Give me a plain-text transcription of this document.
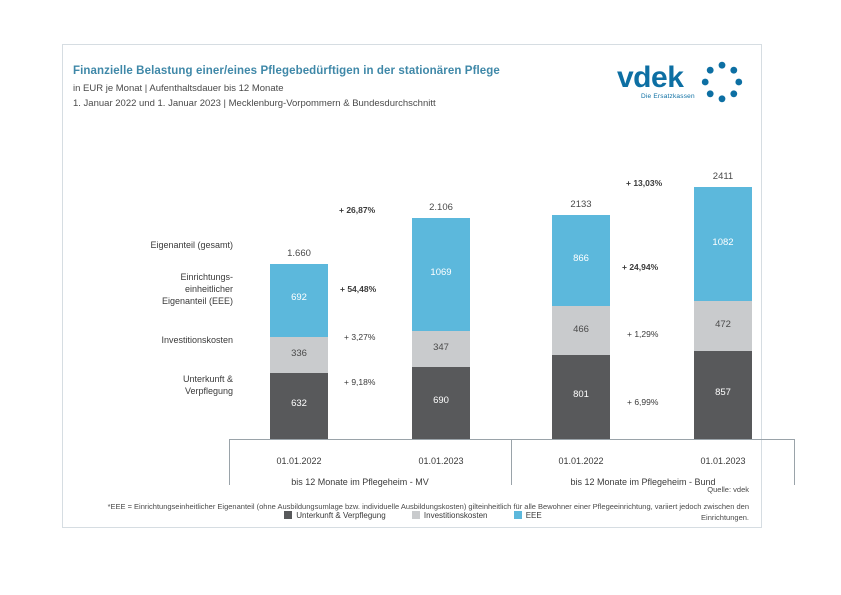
Finanzielle Belastung einer/eines Pflegebedürftigen in der stationären Pflege
in EUR je Monat | Aufenthaltsdauer bis 12 Monate
1. Januar 2022 und 1. Januar 2023 | Mecklenburg-Vorpommern & Bundesdurchschnitt
vdek
Die Ersatzkassen
Eigenanteil (gesamt)
Einrichtungs-
einheitlicher
Eigenanteil (EEE)
Investitionskosten
Unterkunft &
Verpflegung
692
336
632
1.660
1069
347
690
2.106
866
466
801
2133
1082
472
857
2411
+ 26,87%
+ 54,48%
+ 3,27%
+ 9,18%
+ 13,03%
+ 24,94%
+ 1,29%
+ 6,99%
01.01.2022	01.01.2023	01.01.2022	01.01.2023
bis 12 Monate im Pflegeheim - MV	bis 12 Monate im Pflegeheim - Bund
Unterkunft & Verpflegung	Investitionskosten	EEE
Quelle: vdek
*EEE = Einrichtungseinheitlicher Eigenanteil (ohne Ausbildungsumlage bzw. individuelle Ausbildungskosten) gilteinheitlich für alle Bewohner einer Pflegeeinrichtung, variiert jedoch zwischen den Einrichtungen.
